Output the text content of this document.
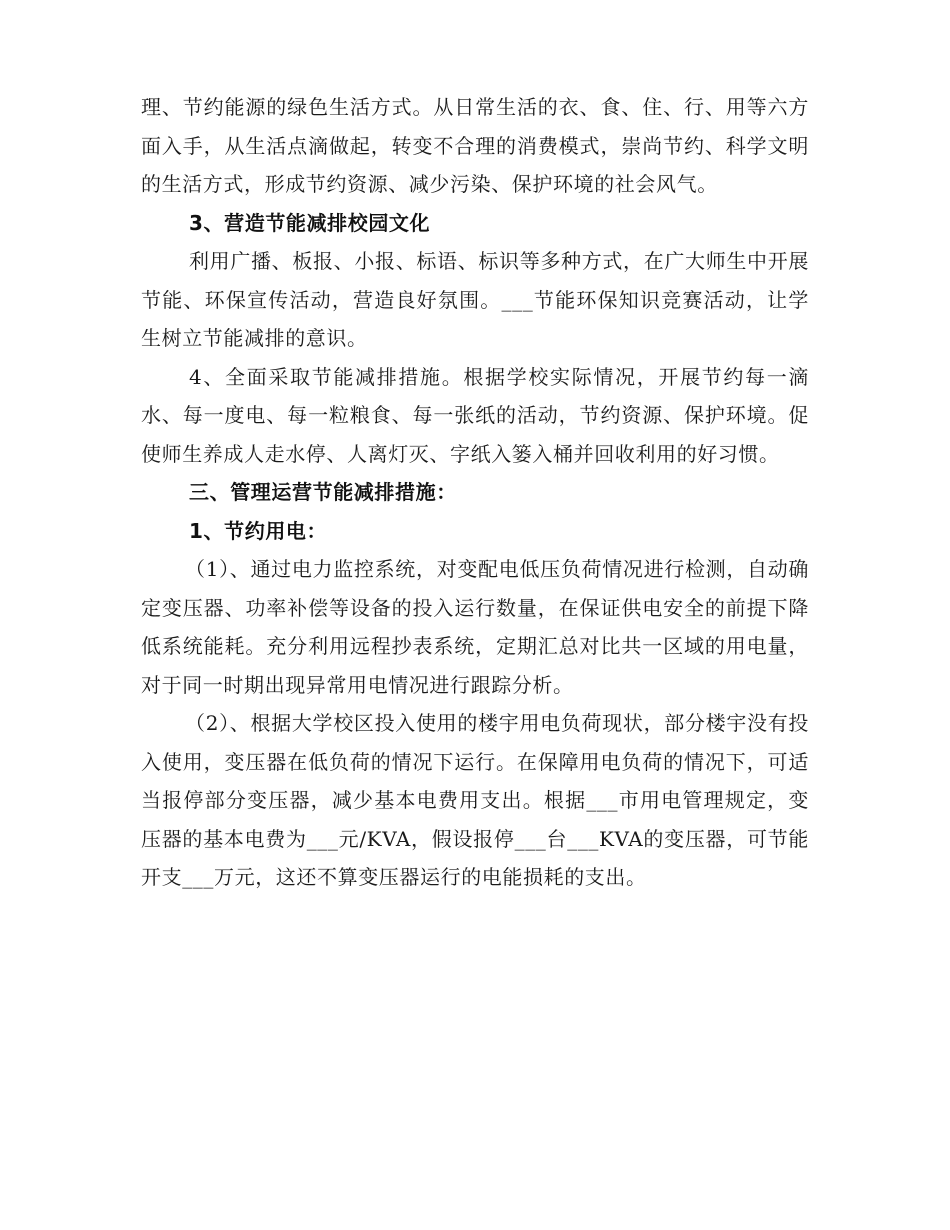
理、节约能源的绿色生活方式。从日常生活的衣、食、住、行、用等六方面入手，从生活点滴做起，转变不合理的消费模式，崇尚节约、科学文明的生活方式，形成节约资源、减少污染、保护环境的社会风气。

3、营造节能减排校园文化

利用广播、板报、小报、标语、标识等多种方式，在广大师生中开展节能、环保宣传活动，营造良好氛围。___节能环保知识竞赛活动，让学生树立节能减排的意识。

4、全面采取节能减排措施。根据学校实际情况，开展节约每一滴水、每一度电、每一粒粮食、每一张纸的活动，节约资源、保护环境。促使师生养成人走水停、人离灯灭、字纸入篓入桶并回收利用的好习惯。

三、管理运营节能减排措施：

1、节约用电：

（1）、通过电力监控系统，对变配电低压负荷情况进行检测，自动确定变压器、功率补偿等设备的投入运行数量，在保证供电安全的前提下降低系统能耗。充分利用远程抄表系统，定期汇总对比共一区域的用电量，对于同一时期出现异常用电情况进行跟踪分析。

（2）、根据大学校区投入使用的楼宇用电负荷现状，部分楼宇没有投入使用，变压器在低负荷的情况下运行。在保障用电负荷的情况下，可适当报停部分变压器，减少基本电费用支出。根据___市用电管理规定，变压器的基本电费为___元/KVA，假设报停___台___KVA的变压器，可节能开支___万元，这还不算变压器运行的电能损耗的支出。
